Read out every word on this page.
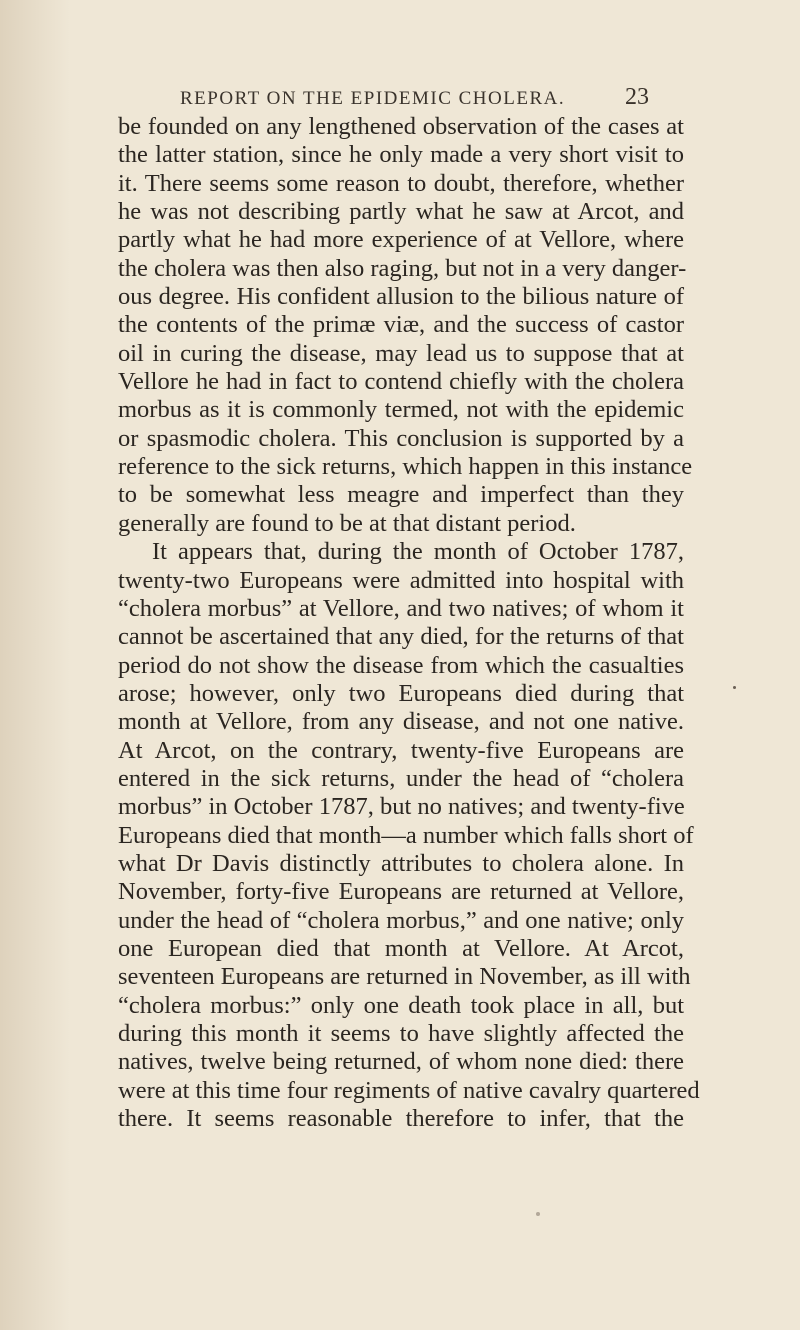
REPORT ON THE EPIDEMIC CHOLERA. 23
be founded on any lengthened observation of the cases at
the latter station, since he only made a very short visit to
it. There seems some reason to doubt, therefore, whether
he was not describing partly what he saw at Arcot, and
partly what he had more experience of at Vellore, where
the cholera was then also raging, but not in a very danger-
ous degree. His confident allusion to the bilious nature of
the contents of the primæ viæ, and the success of castor
oil in curing the disease, may lead us to suppose that at
Vellore he had in fact to contend chiefly with the cholera
morbus as it is commonly termed, not with the epidemic
or spasmodic cholera. This conclusion is supported by a
reference to the sick returns, which happen in this instance
to be somewhat less meagre and imperfect than they
generally are found to be at that distant period.
It appears that, during the month of October 1787,
twenty-two Europeans were admitted into hospital with
“cholera morbus” at Vellore, and two natives; of whom it
cannot be ascertained that any died, for the returns of that
period do not show the disease from which the casualties
arose; however, only two Europeans died during that
month at Vellore, from any disease, and not one native.
At Arcot, on the contrary, twenty-five Europeans are
entered in the sick returns, under the head of “cholera
morbus” in October 1787, but no natives; and twenty-five
Europeans died that month—a number which falls short of
what Dr Davis distinctly attributes to cholera alone. In
November, forty-five Europeans are returned at Vellore,
under the head of “cholera morbus,” and one native; only
one European died that month at Vellore. At Arcot,
seventeen Europeans are returned in November, as ill with
“cholera morbus:” only one death took place in all, but
during this month it seems to have slightly affected the
natives, twelve being returned, of whom none died: there
were at this time four regiments of native cavalry quartered
there. It seems reasonable therefore to infer, that the
